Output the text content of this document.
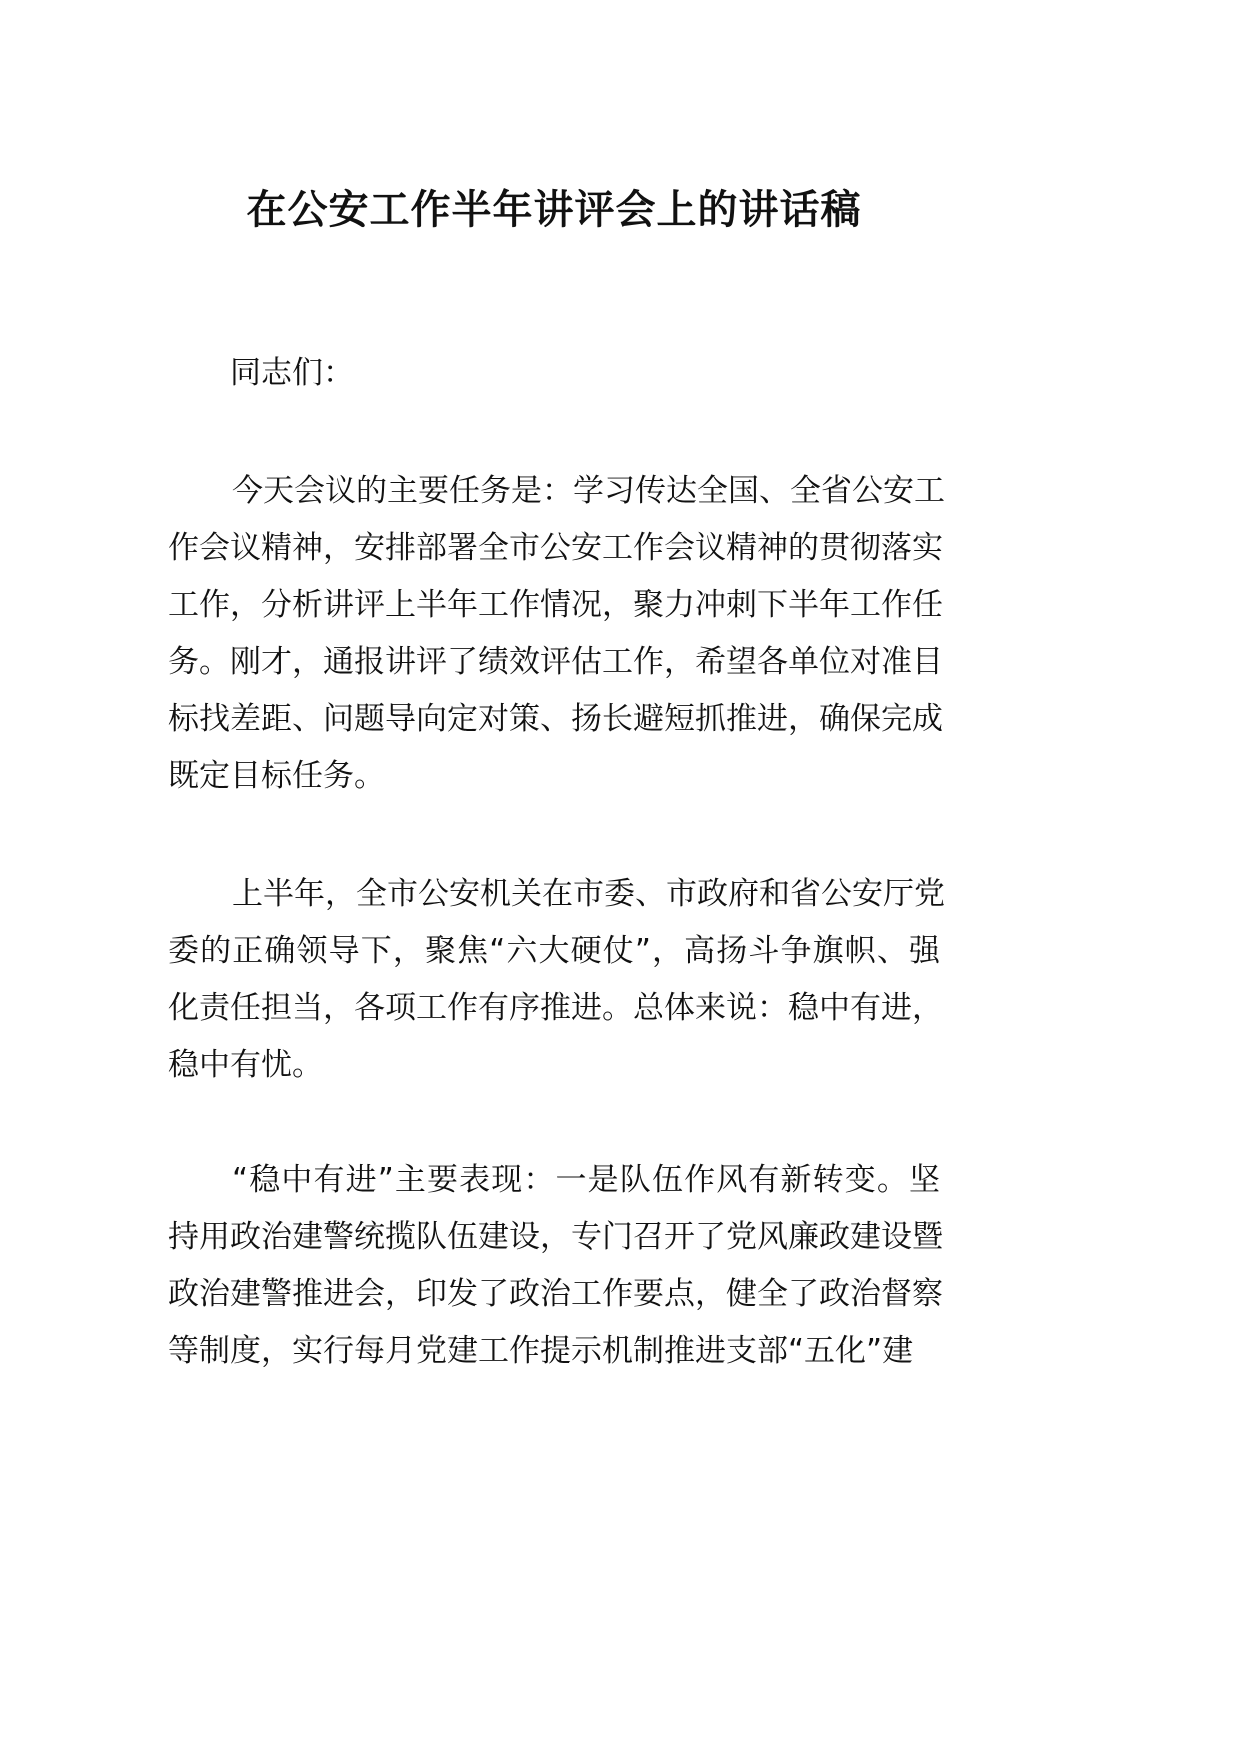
在公安工作半年讲评会上的讲话稿
同志们：
今天会议的主要任务是：学习传达全国、全省公安工
作会议精神，安排部署全市公安工作会议精神的贯彻落实
工作，分析讲评上半年工作情况，聚力冲刺下半年工作任
务。刚才，通报讲评了绩效评估工作，希望各单位对准目
标找差距、问题导向定对策、扬长避短抓推进，确保完成
既定目标任务。
上半年，全市公安机关在市委、市政府和省公安厅党
委的正确领导下，聚焦“六大硬仗”，高扬斗争旗帜、强
化责任担当，各项工作有序推进。总体来说：稳中有进，
稳中有忧。
“稳中有进”主要表现：一是队伍作风有新转变。坚
持用政治建警统揽队伍建设，专门召开了党风廉政建设暨
政治建警推进会，印发了政治工作要点，健全了政治督察
等制度，实行每月党建工作提示机制推进支部“五化”建
